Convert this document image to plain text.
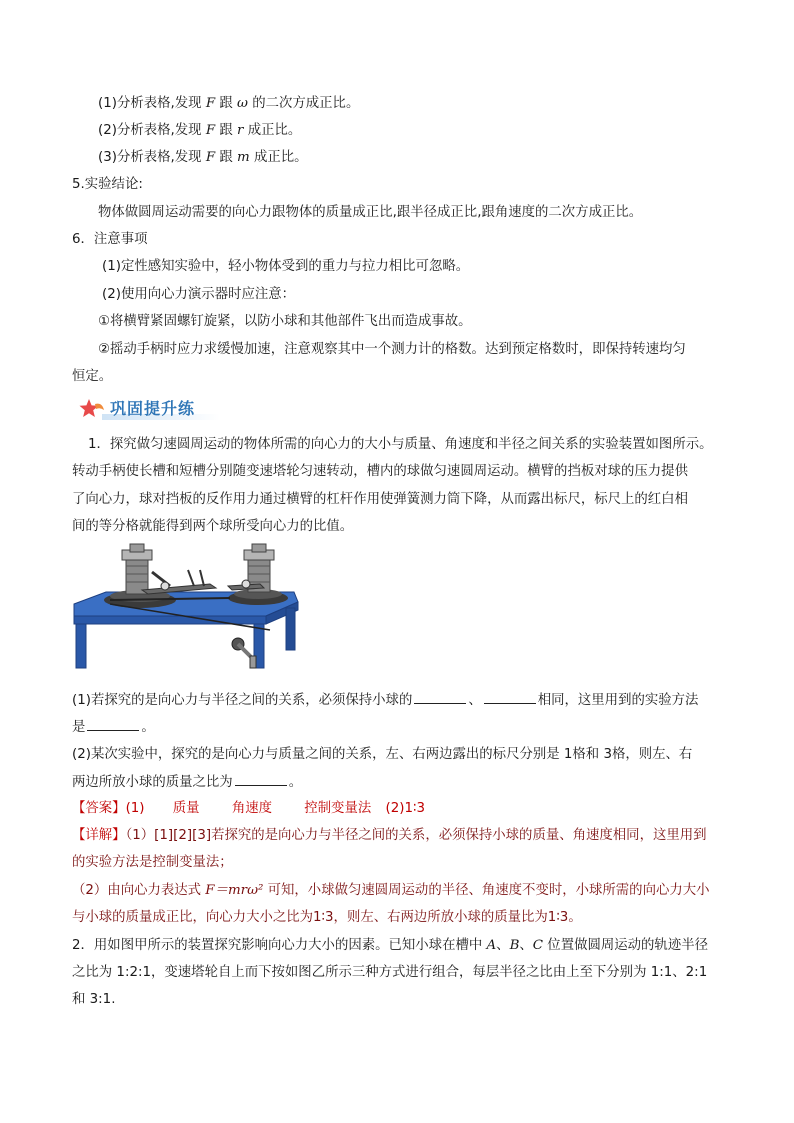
(1)分析表格,发现 F 跟 ω 的二次方成正比。
(2)分析表格,发现 F 跟 r 成正比。
(3)分析表格,发现 F 跟 m 成正比。
5.实验结论:
物体做圆周运动需要的向心力跟物体的质量成正比,跟半径成正比,跟角速度的二次方成正比。
6．注意事项
(1)定性感知实验中，轻小物体受到的重力与拉力相比可忽略。
(2)使用向心力演示器时应注意：
①将横臂紧固螺钉旋紧，以防小球和其他部件飞出而造成事故。
②摇动手柄时应力求缓慢加速，注意观察其中一个测力计的格数。达到预定格数时，即保持转速均匀
恒定。
巩固提升练
1．探究做匀速圆周运动的物体所需的向心力的大小与质量、角速度和半径之间关系的实验装置如图所示。
转动手柄使长槽和短槽分别随变速塔轮匀速转动，槽内的球做匀速圆周运动。横臂的挡板对球的压力提供
了向心力，球对挡板的反作用力通过横臂的杠杆作用使弹簧测力筒下降，从而露出标尺，标尺上的红白相
间的等分格就能得到两个球所受向心力的比值。
(1)若探究的是向心力与半径之间的关系，必须保持小球的	、	相同，这里用到的实验方法
是	。
(2)某次实验中，探究的是向心力与质量之间的关系，左、右两边露出的标尺分别是 1格和 3格，则左、右
两边所放小球的质量之比为	。
【答案】(1) 质量 角速度 控制变量法 (2)1∶3
【详解】（1）[1][2][3]若探究的是向心力与半径之间的关系，必须保持小球的质量、角速度相同，这里用到
的实验方法是控制变量法；
（2）由向心力表达式 F＝mrω² 可知，小球做匀速圆周运动的半径、角速度不变时，小球所需的向心力大小
与小球的质量成正比，向心力大小之比为1∶3，则左、右两边所放小球的质量比为1∶3。
2．用如图甲所示的装置探究影响向心力大小的因素。已知小球在槽中 A、B、C 位置做圆周运动的轨迹半径
之比为 1:2:1，变速塔轮自上而下按如图乙所示三种方式进行组合，每层半径之比由上至下分别为 1:1、2:1
和 3:1.
